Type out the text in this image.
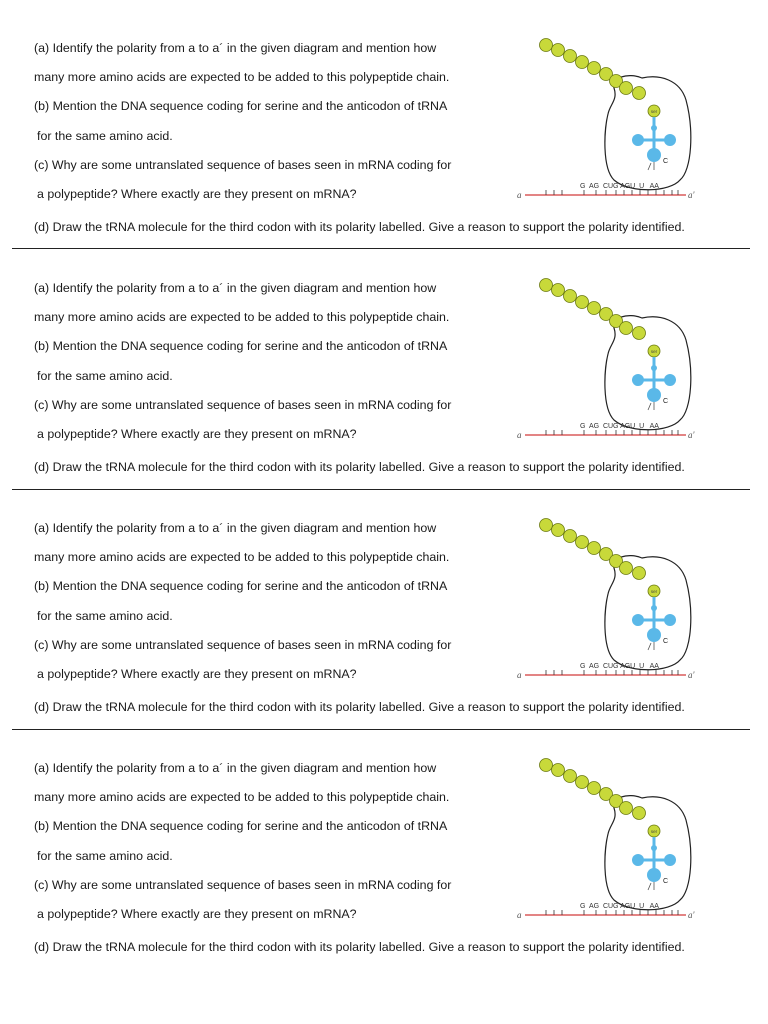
(a) Identify the polarity from a to a´ in the given diagram and mention how
many more amino acids are expected to be added to this polypeptide chain.
(b) Mention the DNA sequence coding for serine and the anticodon of tRNA
for the same amino acid.
(c) Why are some untranslated sequence of bases seen in mRNA coding for
a polypeptide? Where exactly are they present on mRNA?
(d) Draw the tRNA molecule for the third codon with its polarity labelled. Give a reason to support the polarity identified.
ser
C
a
G  AG  CUG AGU  U   AA
a'
(a) Identify the polarity from a to a´ in the given diagram and mention how
many more amino acids are expected to be added to this polypeptide chain.
(b) Mention the DNA sequence coding for serine and the anticodon of tRNA
for the same amino acid.
(c) Why are some untranslated sequence of bases seen in mRNA coding for
a polypeptide? Where exactly are they present on mRNA?
(d) Draw the tRNA molecule for the third codon with its polarity labelled. Give a reason to support the polarity identified.
ser
C
a
G  AG  CUG AGU  U   AA
a'
(a) Identify the polarity from a to a´ in the given diagram and mention how
many more amino acids are expected to be added to this polypeptide chain.
(b) Mention the DNA sequence coding for serine and the anticodon of tRNA
for the same amino acid.
(c) Why are some untranslated sequence of bases seen in mRNA coding for
a polypeptide? Where exactly are they present on mRNA?
(d) Draw the tRNA molecule for the third codon with its polarity labelled. Give a reason to support the polarity identified.
ser
C
a
G  AG  CUG AGU  U   AA
a'
(a) Identify the polarity from a to a´ in the given diagram and mention how
many more amino acids are expected to be added to this polypeptide chain.
(b) Mention the DNA sequence coding for serine and the anticodon of tRNA
for the same amino acid.
(c) Why are some untranslated sequence of bases seen in mRNA coding for
a polypeptide? Where exactly are they present on mRNA?
(d) Draw the tRNA molecule for the third codon with its polarity labelled. Give a reason to support the polarity identified.
ser
C
a
G  AG  CUG AGU  U   AA
a'
